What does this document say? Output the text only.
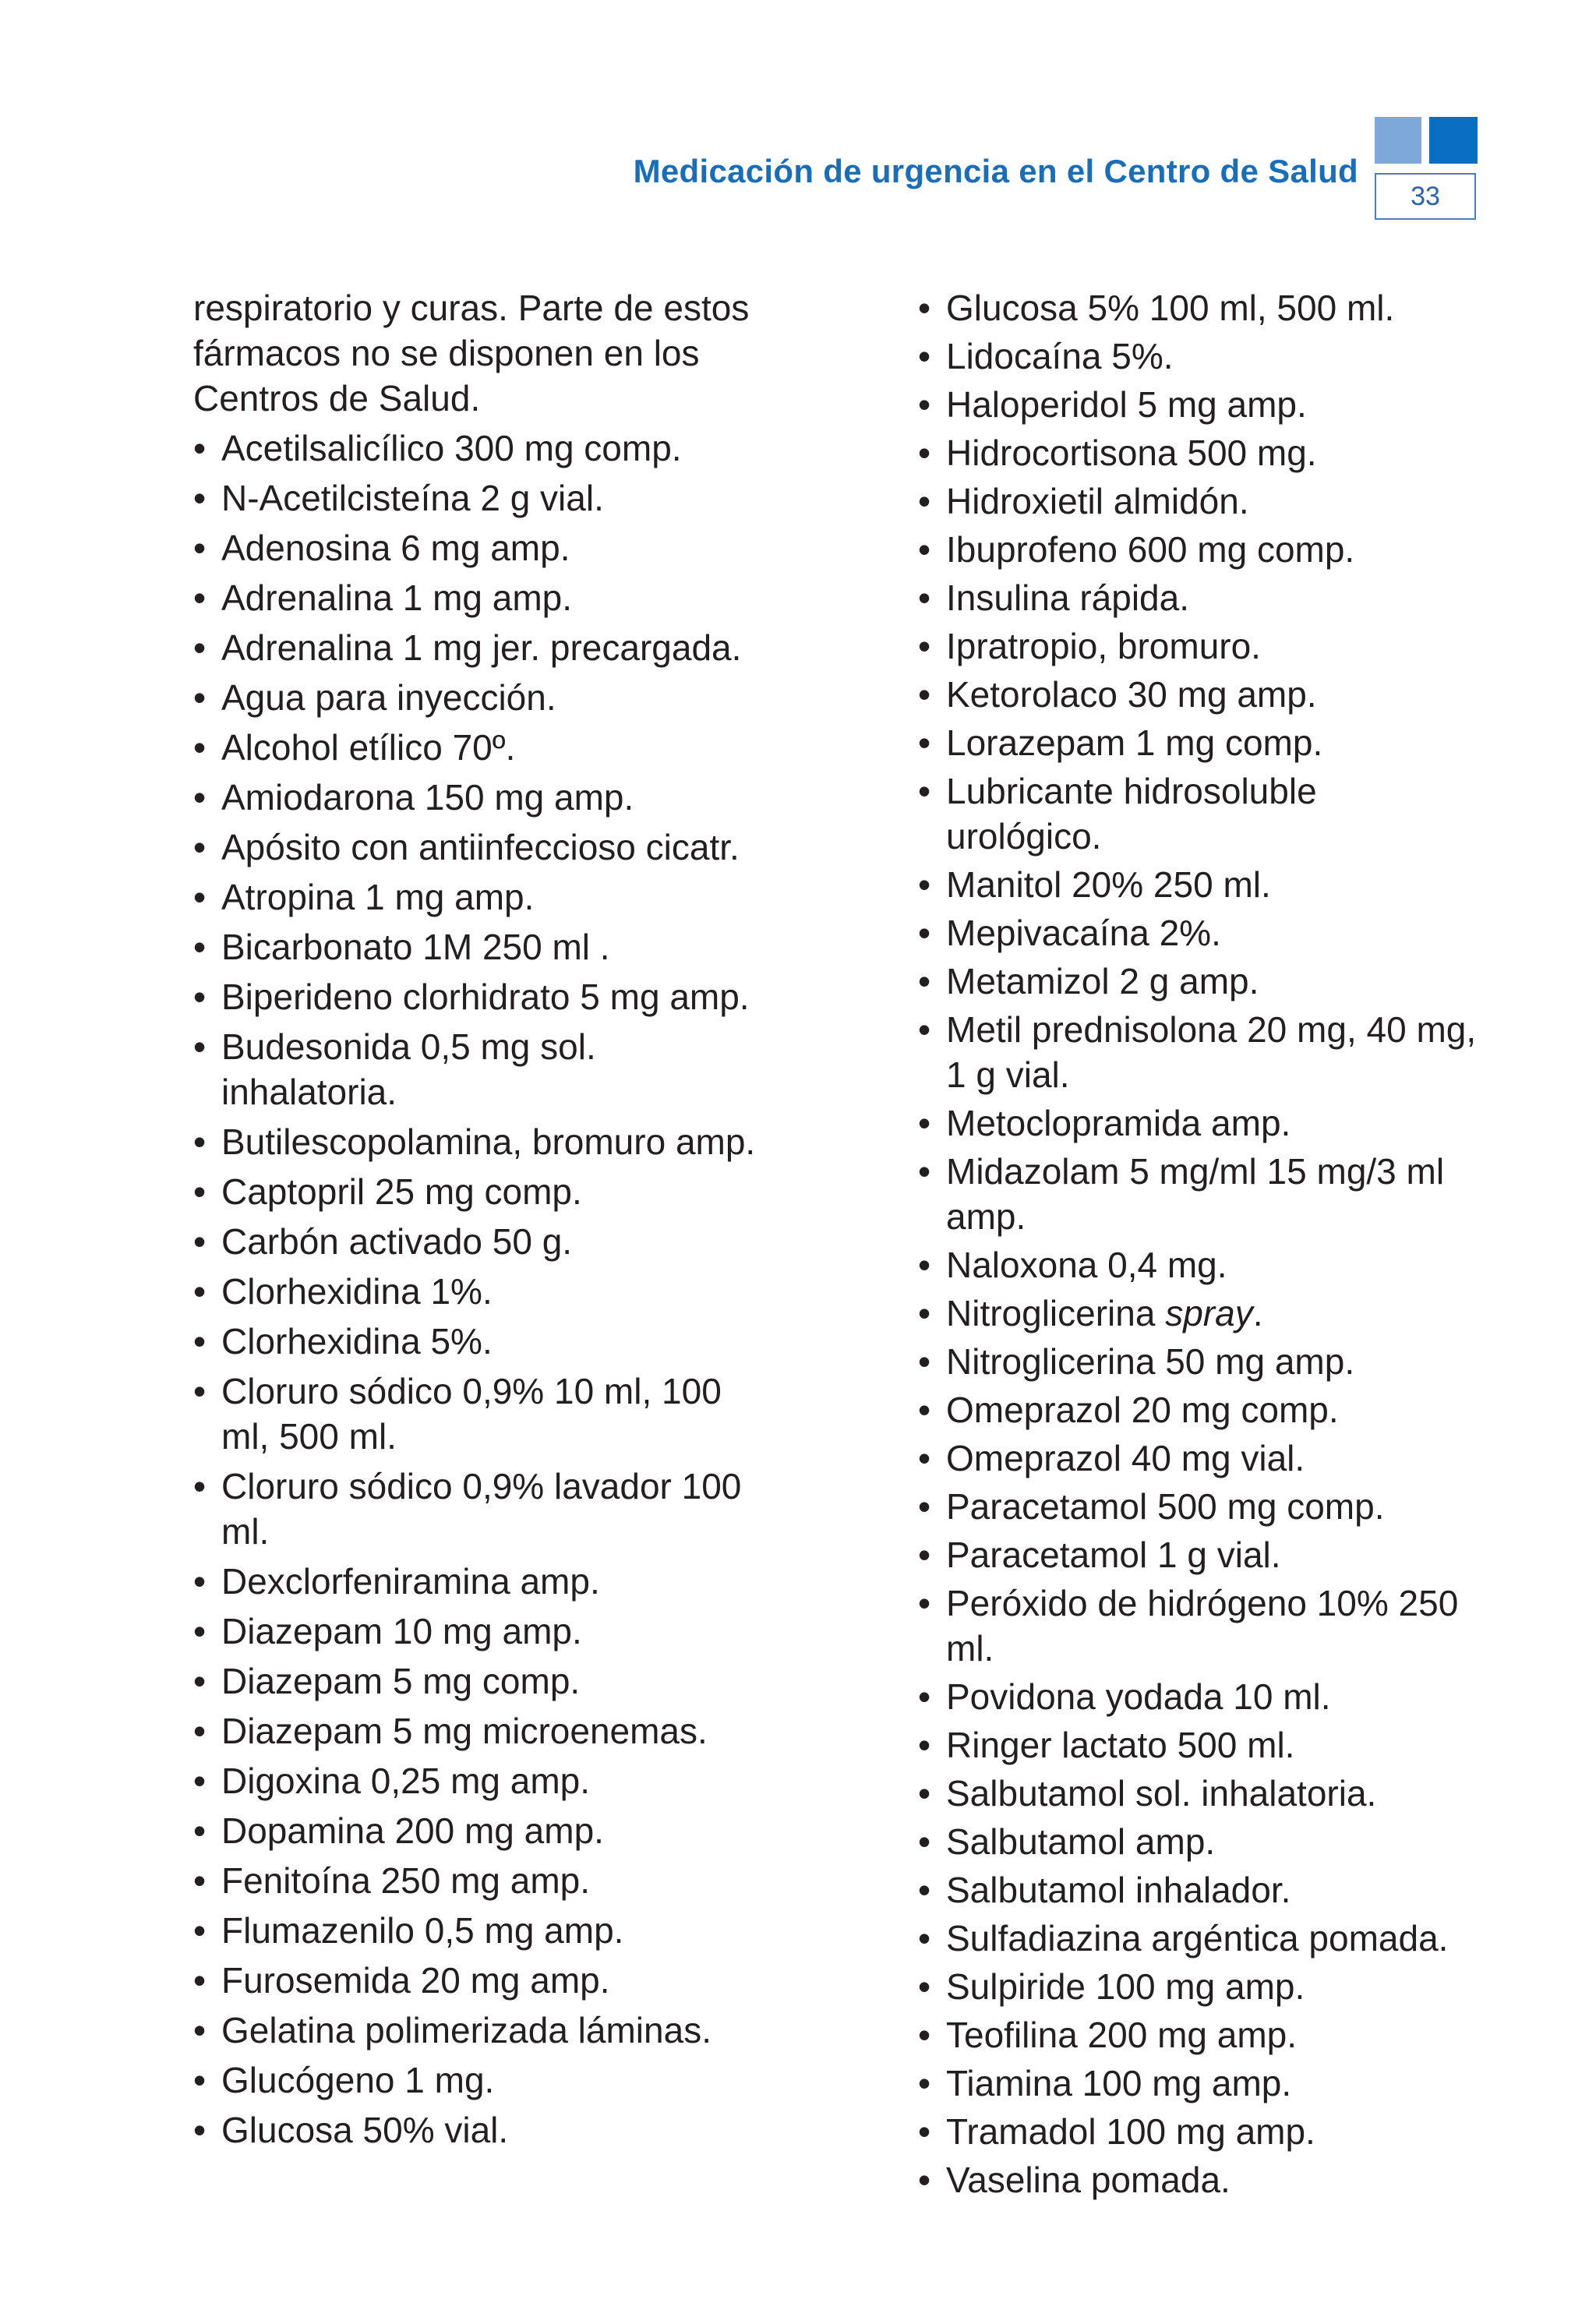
Medicación de urgencia en el Centro de Salud
33

respiratorio y curas. Parte de estos fármacos no se disponen en los Centros de Salud.

• Acetilsalicílico 300 mg comp.
• N-Acetilcisteína 2 g vial.
• Adenosina 6 mg amp.
• Adrenalina 1 mg amp.
• Adrenalina 1 mg jer. precargada.
• Agua para inyección.
• Alcohol etílico 70º.
• Amiodarona 150 mg amp.
• Apósito con antiinfeccioso cicatr.
• Atropina 1 mg amp.
• Bicarbonato 1M 250 ml .
• Biperideno clorhidrato 5 mg amp.
• Budesonida 0,5 mg sol. inhalatoria.
• Butilescopolamina, bromuro amp.
• Captopril 25 mg comp.
• Carbón activado 50 g.
• Clorhexidina 1%.
• Clorhexidina 5%.
• Cloruro sódico 0,9% 10 ml, 100 ml, 500 ml.
• Cloruro sódico 0,9% lavador 100 ml.
• Dexclorfeniramina amp.
• Diazepam 10 mg amp.
• Diazepam 5 mg comp.
• Diazepam 5 mg microenemas.
• Digoxina 0,25 mg amp.
• Dopamina 200 mg amp.
• Fenitoína 250 mg amp.
• Flumazenilo 0,5 mg amp.
• Furosemida 20 mg amp.
• Gelatina polimerizada láminas.
• Glucógeno 1 mg.
• Glucosa 50% vial.
• Glucosa 5% 100 ml, 500 ml.
• Lidocaína 5%.
• Haloperidol 5 mg amp.
• Hidrocortisona 500 mg.
• Hidroxietil almidón.
• Ibuprofeno 600 mg comp.
• Insulina rápida.
• Ipratropio, bromuro.
• Ketorolaco 30 mg amp.
• Lorazepam 1 mg comp.
• Lubricante hidrosoluble urológico.
• Manitol 20% 250 ml.
• Mepivacaína 2%.
• Metamizol 2 g amp.
• Metil prednisolona 20 mg, 40 mg, 1 g vial.
• Metoclopramida amp.
• Midazolam 5 mg/ml 15 mg/3 ml amp.
• Naloxona 0,4 mg.
• Nitroglicerina spray.
• Nitroglicerina 50 mg amp.
• Omeprazol 20 mg comp.
• Omeprazol 40 mg vial.
• Paracetamol 500 mg comp.
• Paracetamol 1 g vial.
• Peróxido de hidrógeno 10% 250 ml.
• Povidona yodada 10 ml.
• Ringer lactato 500 ml.
• Salbutamol sol. inhalatoria.
• Salbutamol amp.
• Salbutamol inhalador.
• Sulfadiazina argéntica pomada.
• Sulpiride 100 mg amp.
• Teofilina 200 mg amp.
• Tiamina 100 mg amp.
• Tramadol 100 mg amp.
• Vaselina pomada.
